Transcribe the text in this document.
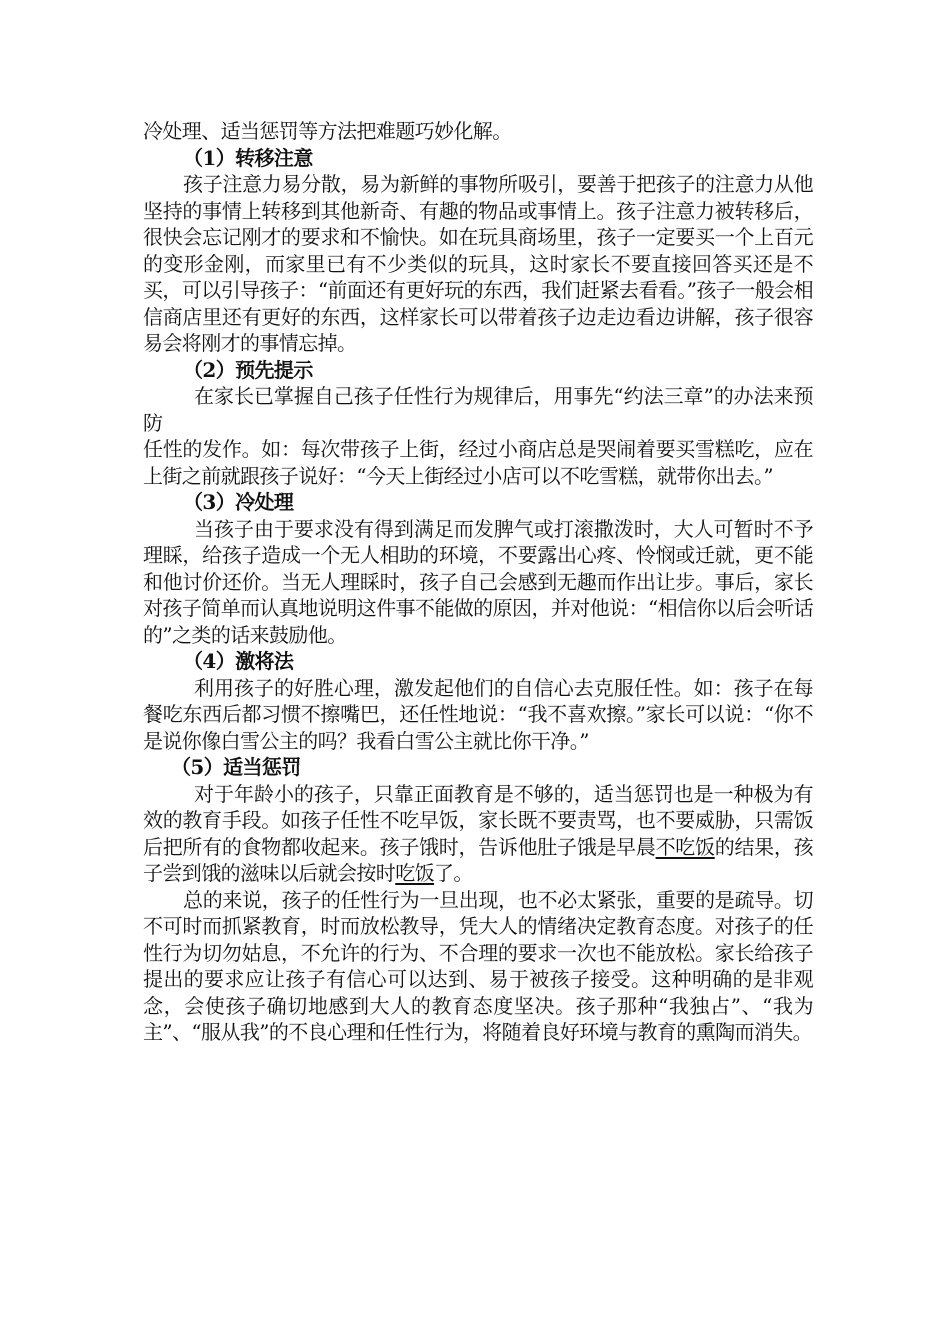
冷处理、适当惩罚等方法把难题巧妙化解。

（1）转移注意

孩子注意力易分散，易为新鲜的事物所吸引，要善于把孩子的注意力从他坚持的事情上转移到其他新奇、有趣的物品或事情上。孩子注意力被转移后，很快会忘记刚才的要求和不愉快。如在玩具商场里，孩子一定要买一个上百元的变形金刚，而家里已有不少类似的玩具，这时家长不要直接回答买还是不买，可以引导孩子：“前面还有更好玩的东西，我们赶紧去看看。”孩子一般会相信商店里还有更好的东西，这样家长可以带着孩子边走边看边讲解，孩子很容易会将刚才的事情忘掉。

（2）预先提示

在家长已掌握自己孩子任性行为规律后，用事先“约法三章”的办法来预防

任性的发作。如：每次带孩子上街，经过小商店总是哭闹着要买雪糕吃，应在上街之前就跟孩子说好：“今天上街经过小店可以不吃雪糕，就带你出去。”

（3）冷处理

当孩子由于要求没有得到满足而发脾气或打滚撒泼时，大人可暂时不予理睬，给孩子造成一个无人相助的环境，不要露出心疼、怜悯或迁就，更不能和他讨价还价。当无人理睬时，孩子自己会感到无趣而作出让步。事后，家长对孩子简单而认真地说明这件事不能做的原因，并对他说：“相信你以后会听话的”之类的话来鼓励他。

（4）激将法

利用孩子的好胜心理，激发起他们的自信心去克服任性。如：孩子在每餐吃东西后都习惯不擦嘴巴，还任性地说：“我不喜欢擦。”家长可以说：“你不是说你像白雪公主的吗？我看白雪公主就比你干净。”

（5）适当惩罚

对于年龄小的孩子，只靠正面教育是不够的，适当惩罚也是一种极为有效的教育手段。如孩子任性不吃早饭，家长既不要责骂，也不要威胁，只需饭后把所有的食物都收起来。孩子饿时，告诉他肚子饿是早晨不吃饭的结果，孩子尝到饿的滋味以后就会按时吃饭了。

总的来说，孩子的任性行为一旦出现，也不必太紧张，重要的是疏导。切不可时而抓紧教育，时而放松教导，凭大人的情绪决定教育态度。对孩子的任性行为切勿姑息，不允许的行为、不合理的要求一次也不能放松。家长给孩子提出的要求应让孩子有信心可以达到、易于被孩子接受。这种明确的是非观念，会使孩子确切地感到大人的教育态度坚决。孩子那种“我独占”、“我为主”、“服从我”的不良心理和任性行为，将随着良好环境与教育的熏陶而消失。
